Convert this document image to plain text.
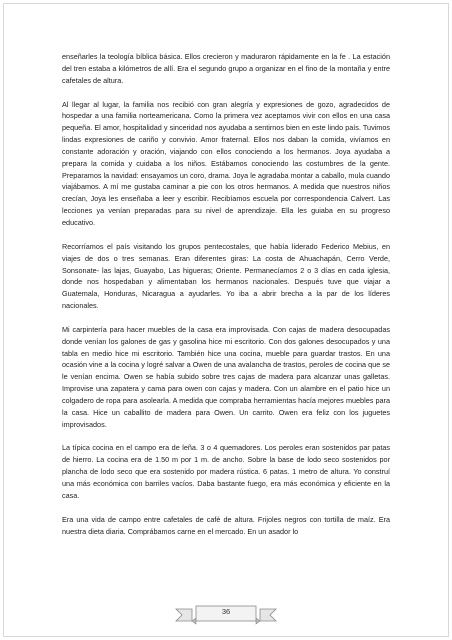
enseñarles la teología bíblica básica. Ellos crecieron y maduraron rápidamente en la fe . La estación del tren estaba a kilómetros de allí. Era el segundo grupo a organizar en el fino de la montaña y entre cafetales de altura.

Al llegar al lugar, la familia nos recibió con gran alegría y expresiones de gozo, agradecidos de hospedar a una familia norteamericana. Como la primera vez aceptamos vivir con ellos en una casa pequeña. El amor, hospitalidad y sinceridad nos ayudaba a sentirnos bien en este lindo país. Tuvimos lindas expresiones de cariño y convivio. Amor fraternal. Ellos nos daban la comida, vivíamos en constante adoración y oración, viajando con ellos conociendo a los hermanos. Joya ayudaba a prepara la comida y cuidaba a los niños. Estábamos conociendo las costumbres de la gente. Preparamos la navidad: ensayamos un coro, drama. Joya le agradaba montar a caballo, mula cuando viajábamos. A mí me gustaba caminar a pie con los otros hermanos. A medida que nuestros niños crecían, Joya les enseñaba a leer y escribir. Recibíamos escuela por correspondencia Calvert. Las lecciones ya venían preparadas para su nivel de aprendizaje. Ella les guiaba en su progreso educativo.

Recorríamos el país visitando los grupos pentecostales, que había liderado Federico Mebius, en viajes de dos o tres semanas. Eran diferentes giras: La costa de Ahuachapán, Cerro Verde, Sonsonate- las lajas, Guayabo, Las higueras; Oriente. Permanecíamos 2 o 3 días en cada iglesia, donde nos hospedaban y alimentaban los hermanos nacionales. Después tuve que viajar a Guatemala, Honduras, Nicaragua a ayudarles. Yo iba a abrir brecha a la par de los líderes nacionales.

Mi carpintería para hacer muebles de la casa era improvisada. Con cajas de madera desocupadas donde venían los galones de gas y gasolina hice mi escritorio. Con dos galones desocupados y una tabla en medio hice mi escritorio. También hice una cocina, mueble para guardar trastos. En una ocasión vine a la cocina y logré salvar a Owen de una avalancha de trastos, peroles de cocina que se le venían encima. Owen se había subido sobre tres cajas de madera para alcanzar unas galletas. Improvise una zapatera y cama para owen con cajas y madera. Con un alambre en el patio hice un colgadero de ropa para asolearla. A medida que compraba herramientas hacía mejores muebles para la casa. Hice un caballito de madera para Owen. Un carrito. Owen era feliz con los juguetes improvisados.

La típica cocina en el campo era de leña. 3 o 4 quemadores. Los peroles eran sostenidos par patas de hierro. La cocina era de 1.50 m por 1 m. de ancho. Sobre la base de lodo seco sostenidos por plancha de lodo seco que era sostenido por madera rústica. 6 patas. 1 metro de altura. Yo construí una más económica con barriles vacíos. Daba bastante fuego, era más económica y eficiente en la casa.

Era una vida de campo entre cafetales de café de altura. Frijoles negros con tortilla de maíz. Era nuestra dieta diaria. Comprábamos carne en el mercado. En un asador lo

36
